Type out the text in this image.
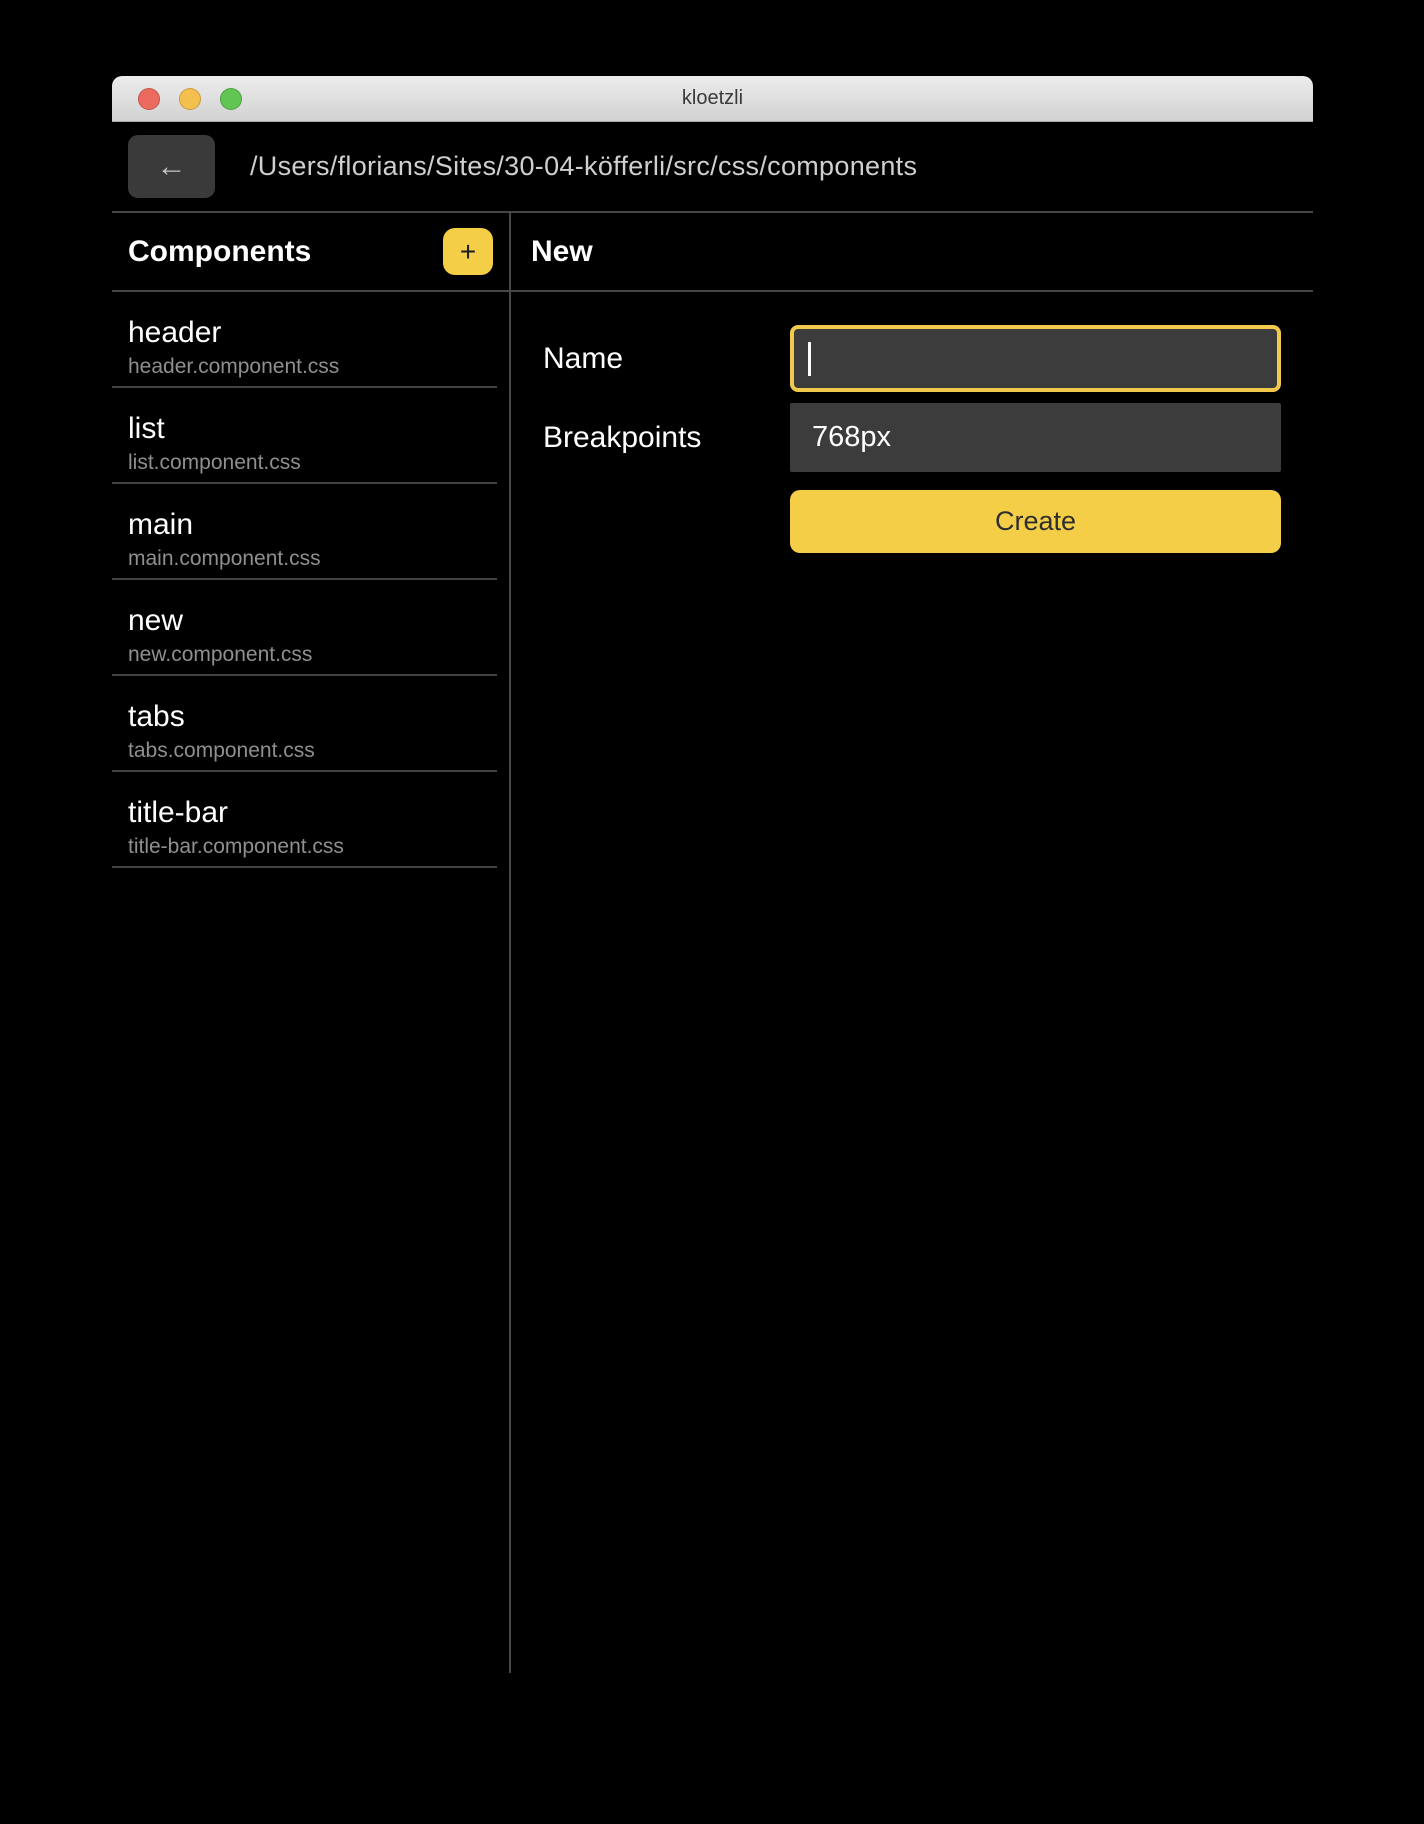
kloetzli
← /Users/florians/Sites/30-04-köfferli/src/css/components
Components	+
header
header.component.css
list
list.component.css
main
main.component.css
new
new.component.css
tabs
tabs.component.css
title-bar
title-bar.component.css
New
Name
Breakpoints
768px
Create
